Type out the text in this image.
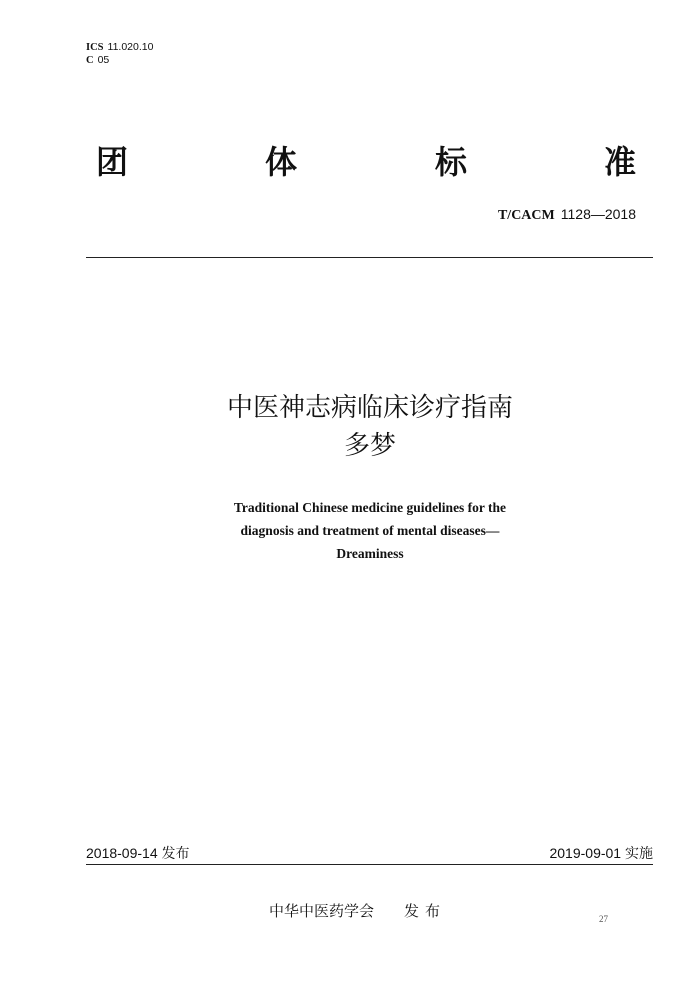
ICS 11.020.10
C 05
团	体	标	准
T/CACM 1128—2018
中医神志病临床诊疗指南
多梦
Traditional Chinese medicine guidelines for the
diagnosis and treatment of mental diseases—
Dreaminess
2018-09-14 发布	2019-09-01 实施
中华中医药学会 发布	27
